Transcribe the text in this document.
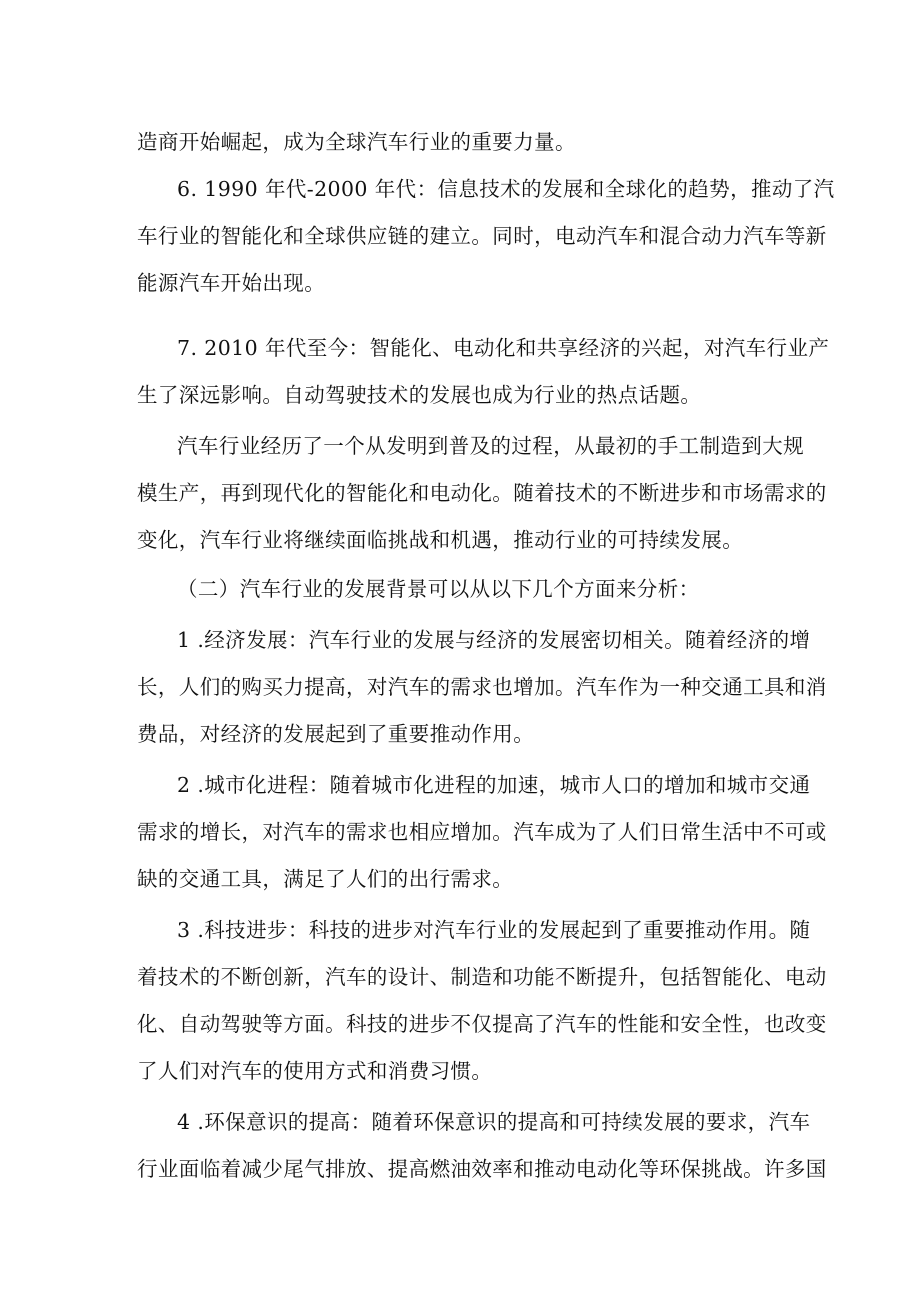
造商开始崛起，成为全球汽车行业的重要力量。
6. 1990 年代-2000 年代：信息技术的发展和全球化的趋势，推动了汽
车行业的智能化和全球供应链的建立。同时，电动汽车和混合动力汽车等新
能源汽车开始出现。
7. 2010 年代至今：智能化、电动化和共享经济的兴起，对汽车行业产
生了深远影响。自动驾驶技术的发展也成为行业的热点话题。
汽车行业经历了一个从发明到普及的过程，从最初的手工制造到大规
模生产，再到现代化的智能化和电动化。随着技术的不断进步和市场需求的
变化，汽车行业将继续面临挑战和机遇，推动行业的可持续发展。
（二）汽车行业的发展背景可以从以下几个方面来分析：
1 .经济发展：汽车行业的发展与经济的发展密切相关。随着经济的增
长，人们的购买力提高，对汽车的需求也增加。汽车作为一种交通工具和消
费品，对经济的发展起到了重要推动作用。
2 .城市化进程：随着城市化进程的加速，城市人口的增加和城市交通
需求的增长，对汽车的需求也相应增加。汽车成为了人们日常生活中不可或
缺的交通工具，满足了人们的出行需求。
3 .科技进步：科技的进步对汽车行业的发展起到了重要推动作用。随
着技术的不断创新，汽车的设计、制造和功能不断提升，包括智能化、电动
化、自动驾驶等方面。科技的进步不仅提高了汽车的性能和安全性，也改变
了人们对汽车的使用方式和消费习惯。
4 .环保意识的提高：随着环保意识的提高和可持续发展的要求，汽车
行业面临着减少尾气排放、提高燃油效率和推动电动化等环保挑战。许多国
